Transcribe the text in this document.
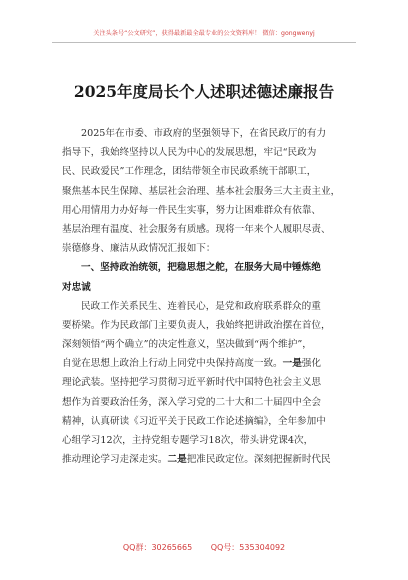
关注头条号“公文研究”，获得最新最全最专业的公文资料库！ 微信：gongwenyj
2025年度局长个人述职述德述廉报告
2025年在市委、市政府的坚强领导下，在省民政厅的有力
指导下，我始终坚持以人民为中心的发展思想，牢记“民政为
民、民政爱民”工作理念，团结带领全市民政系统干部职工，
聚焦基本民生保障、基层社会治理、基本社会服务三大主责主业，
用心用情用力办好每一件民生实事，努力让困难群众有依靠、
基层治理有温度、社会服务有质感。现将一年来个人履职尽责、
崇德修身、廉洁从政情况汇报如下：
一、坚持政治统领，把稳思想之舵，在服务大局中锤炼绝
对忠诚
民政工作关系民生、连着民心，是党和政府联系群众的重
要桥梁。作为民政部门主要负责人，我始终把讲政治摆在首位，
深刻领悟“两个确立”的决定性意义，坚决做到“两个维护”，
自觉在思想上政治上行动上同党中央保持高度一致。一是强化
理论武装。坚持把学习贯彻习近平新时代中国特色社会主义思
想作为首要政治任务，深入学习党的二十大和二十届四中全会
精神，认真研读《习近平关于民政工作论述摘编》，全年参加中
心组学习12次，主持党组专题学习18次，带头讲党课4次，
推动理论学习走深走实。二是把准民政定位。深刻把握新时代民
QQ群：30265665 QQ号：535304092
